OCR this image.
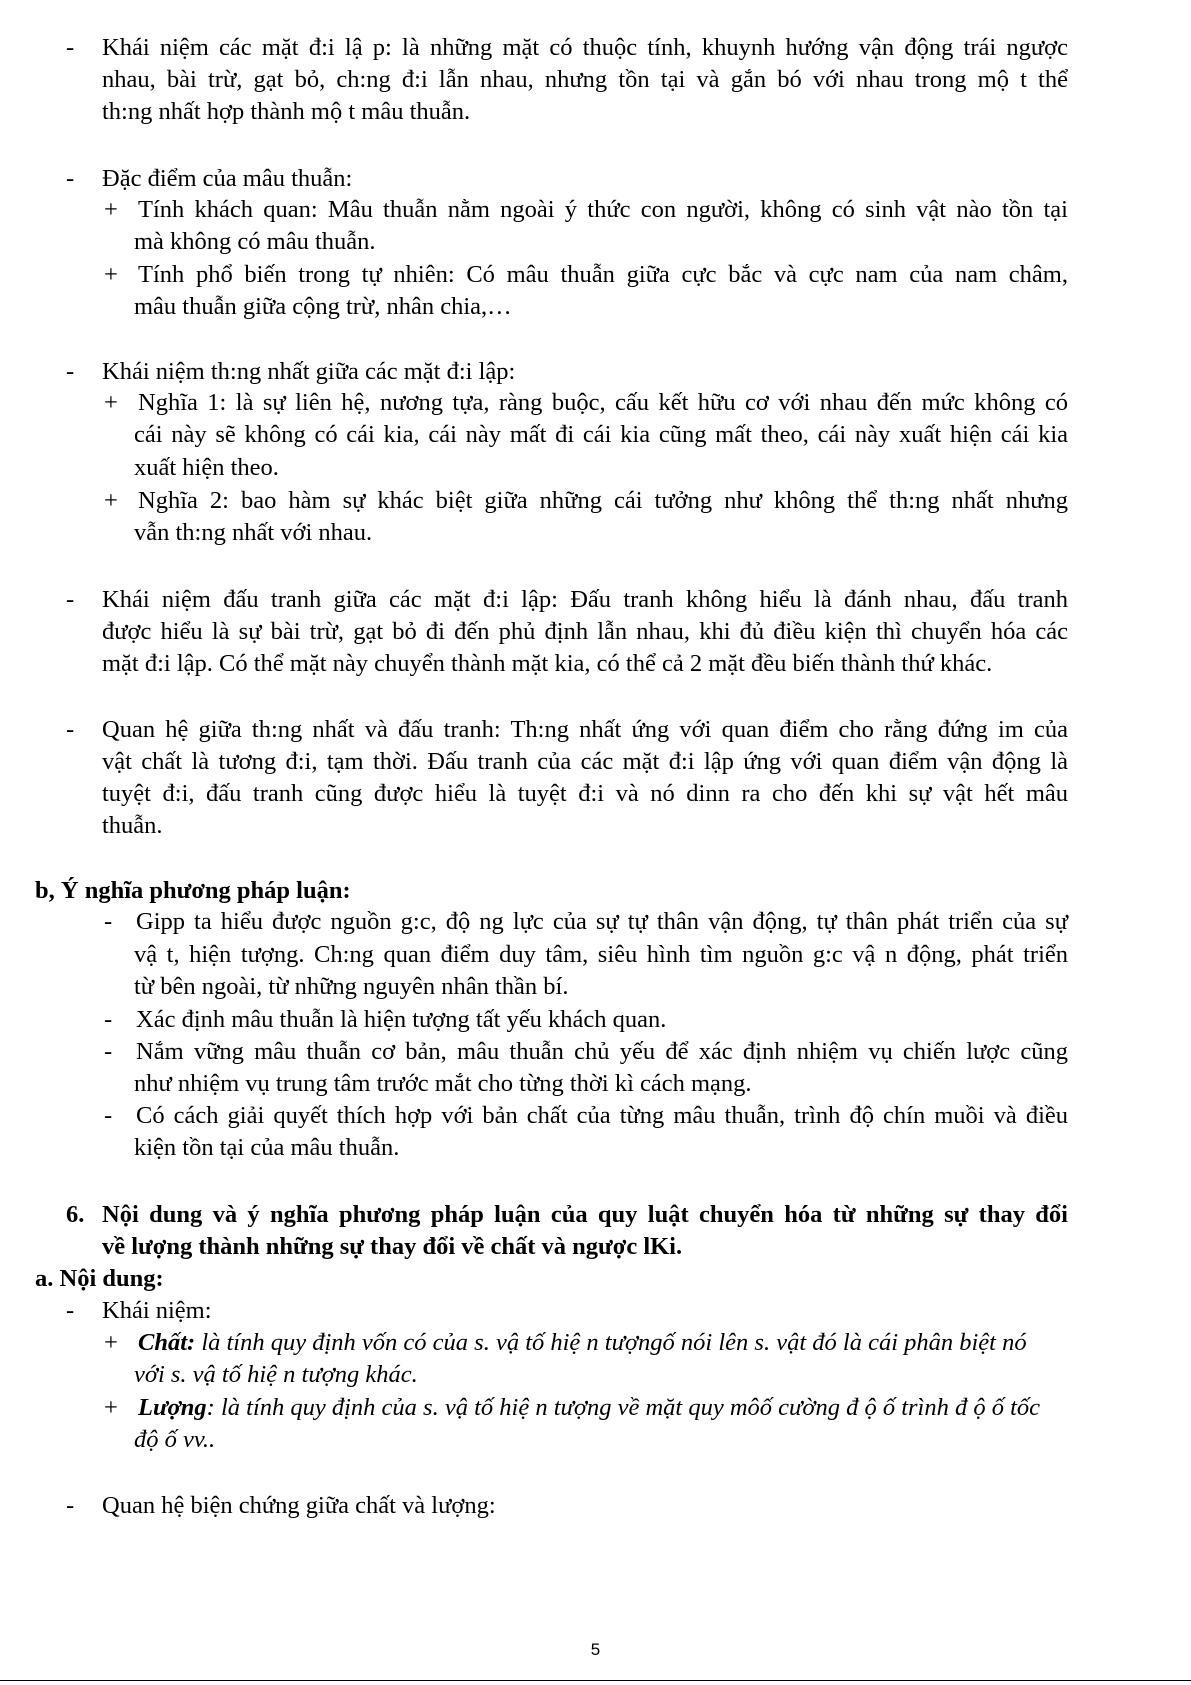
- Khái niệm các mặt đ:i lậ p: là những mặt có thuộc tính, khuynh hướng vận động trái ngược
nhau, bài trừ, gạt bỏ, ch:ng đ:i lẫn nhau, nhưng tồn tại và gắn bó với nhau trong mộ t thể
th:ng nhất hợp thành mộ t mâu thuẫn.
- Đặc điểm của mâu thuẫn:
+ Tính khách quan: Mâu thuẫn nằm ngoài ý thức con người, không có sinh vật nào tồn tại
mà không có mâu thuẫn.
+ Tính phổ biến trong tự nhiên: Có mâu thuẫn giữa cực bắc và cực nam của nam châm,
mâu thuẫn giữa cộng trừ, nhân chia,…
- Khái niệm th:ng nhất giữa các mặt đ:i lập:
+ Nghĩa 1: là sự liên hệ, nương tựa, ràng buộc, cấu kết hữu cơ với nhau đến mức không có
cái này sẽ không có cái kia, cái này mất đi cái kia cũng mất theo, cái này xuất hiện cái kia
xuất hiện theo.
+ Nghĩa 2: bao hàm sự khác biệt giữa những cái tưởng như không thể th:ng nhất nhưng
vẫn th:ng nhất với nhau.
- Khái niệm đấu tranh giữa các mặt đ:i lập: Đấu tranh không hiểu là đánh nhau, đấu tranh
được hiểu là sự bài trừ, gạt bỏ đi đến phủ định lẫn nhau, khi đủ điều kiện thì chuyển hóa các
mặt đ:i lập. Có thể mặt này chuyển thành mặt kia, có thể cả 2 mặt đều biến thành thứ khác.
- Quan hệ giữa th:ng nhất và đấu tranh: Th:ng nhất ứng với quan điểm cho rằng đứng im của
vật chất là tương đ:i, tạm thời. Đấu tranh của các mặt đ:i lập ứng với quan điểm vận động là
tuyệt đ:i, đấu tranh cũng được hiểu là tuyệt đ:i và nó dinn ra cho đến khi sự vật hết mâu
thuẫn.
b, Ý nghĩa phương pháp luận:
- Gipp ta hiểu được nguồn g:c, độ ng lực của sự tự thân vận động, tự thân phát triển của sự
vậ t, hiện tượng. Ch:ng quan điểm duy tâm, siêu hình tìm nguồn g:c vậ n động, phát triển
từ bên ngoài, từ những nguyên nhân thần bí.
- Xác định mâu thuẫn là hiện tượng tất yếu khách quan.
- Nắm vững mâu thuẫn cơ bản, mâu thuẫn chủ yếu để xác định nhiệm vụ chiến lược cũng
như nhiệm vụ trung tâm trước mắt cho từng thời kì cách mạng.
- Có cách giải quyết thích hợp với bản chất của từng mâu thuẫn, trình độ chín muồi và điều
kiện tồn tại của mâu thuẫn.
6. Nội dung và ý nghĩa phương pháp luận của quy luật chuyển hóa từ những sự thay đổi
về lượng thành những sự thay đổi về chất và ngược lKi.
a. Nội dung:
- Khái niệm:
+ Chất: là tính quy định vốn có của s. vậ tố hiệ n tượngố nói lên s. vật đó là cái phân biệt nó
với s. vậ tố hiệ n tượng khác.
+ Lượng: là tính quy định của s. vậ tố hiệ n tượng về mặt quy môố cường đ ộ ố trình đ ộ ố tốc
độ ố vv..
- Quan hệ biện chứng giữa chất và lượng:
5
